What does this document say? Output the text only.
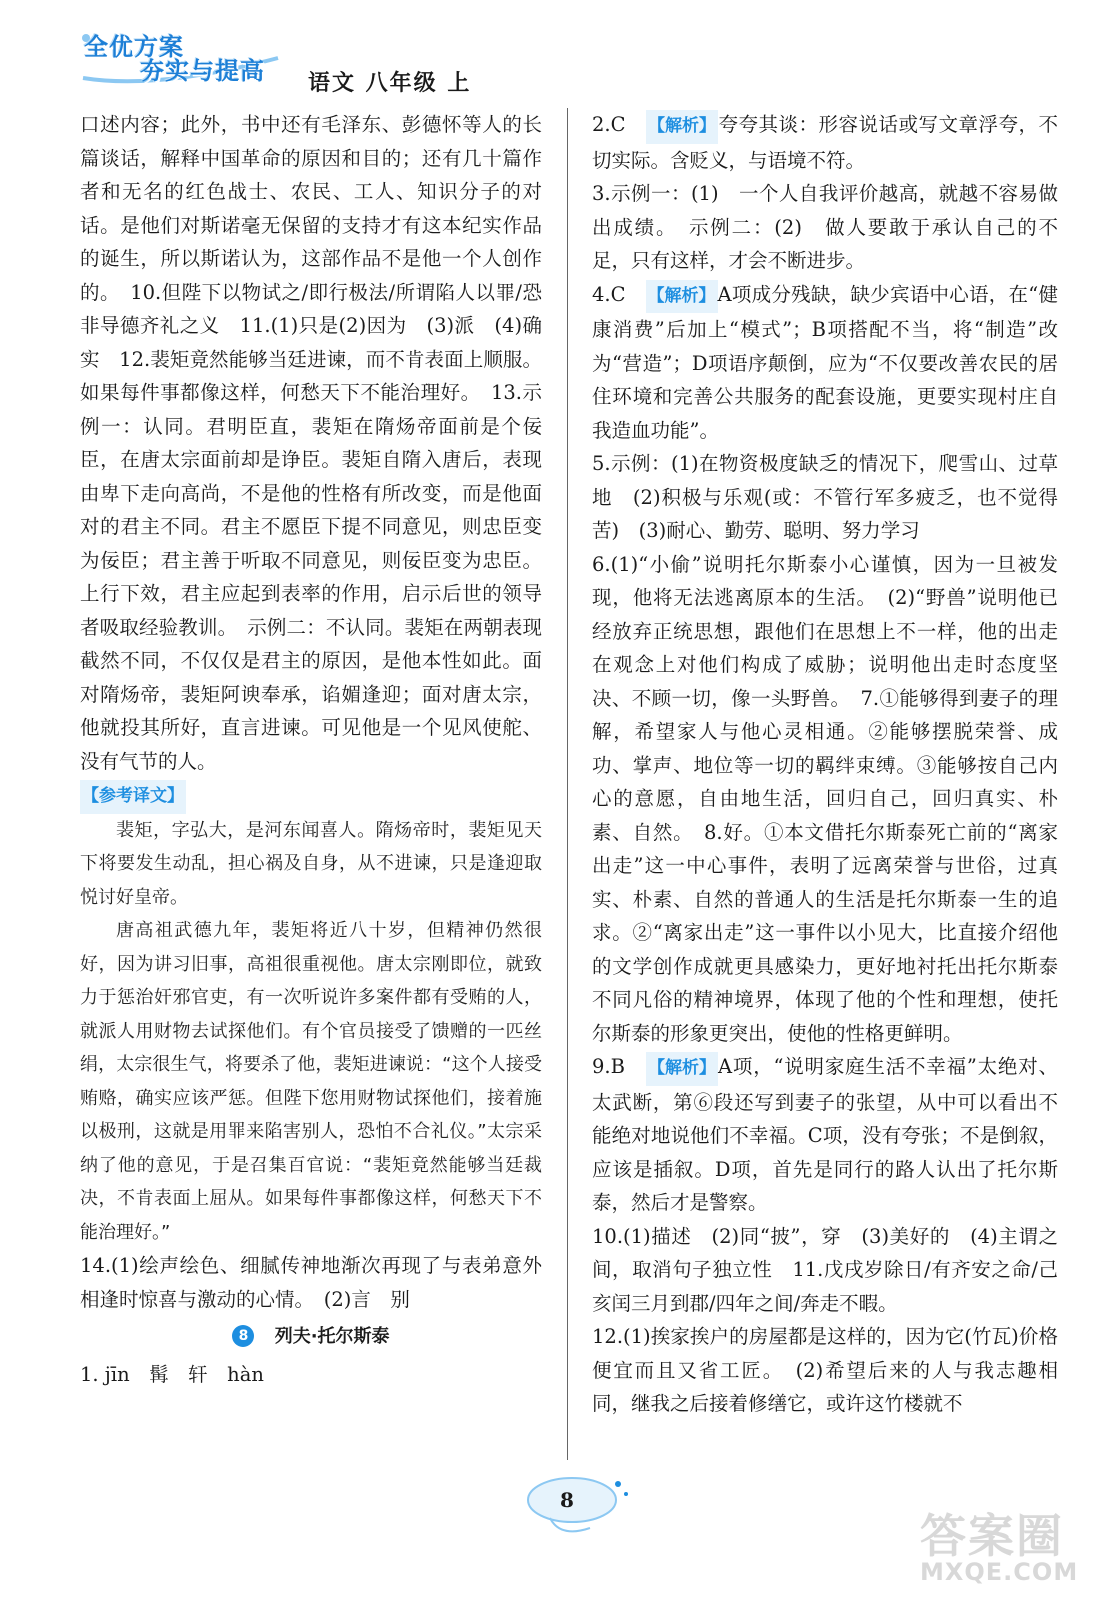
全优方案
夯实与提高 语文 八年级 上

口述内容；此外，书中还有毛泽东、彭德怀等人的长篇谈话，解释中国革命的原因和目的；还有几十篇作者和无名的红色战士、农民、工人、知识分子的对话。是他们对斯诺毫无保留的支持才有这本纪实作品的诞生，所以斯诺认为，这部作品不是他一个人创作的。　10.但陛下以物试之/即行极法/所谓陷人以罪/恐非导德齐礼之义　11.(1)只是(2)因为　(3)派　(4)确实　12.裴矩竟然能够当廷进谏，而不肯表面上顺服。如果每件事都像这样，何愁天下不能治理好。　13.示例一：认同。君明臣直，裴矩在隋炀帝面前是个佞臣，在唐太宗面前却是诤臣。裴矩自隋入唐后，表现由卑下走向高尚，不是他的性格有所改变，而是他面对的君主不同。君主不愿臣下提不同意见，则忠臣变为佞臣；君主善于听取不同意见，则佞臣变为忠臣。上行下效，君主应起到表率的作用，启示后世的领导者吸取经验教训。　示例二：不认同。裴矩在两朝表现截然不同，不仅仅是君主的原因，是他本性如此。面对隋炀帝，裴矩阿谀奉承，谄媚逢迎；面对唐太宗，他就投其所好，直言进谏。可见他是一个见风使舵、没有气节的人。

【参考译文】

裴矩，字弘大，是河东闻喜人。隋炀帝时，裴矩见天下将要发生动乱，担心祸及自身，从不进谏，只是逢迎取悦讨好皇帝。

唐高祖武德九年，裴矩将近八十岁，但精神仍然很好，因为讲习旧事，高祖很重视他。唐太宗刚即位，就致力于惩治奸邪官吏，有一次听说许多案件都有受贿的人，就派人用财物去试探他们。有个官员接受了馈赠的一匹丝绢，太宗很生气，将要杀了他，裴矩进谏说：“这个人接受贿赂，确实应该严惩。但陛下您用财物试探他们，接着施以极刑，这就是用罪来陷害别人，恐怕不合礼仪。”太宗采纳了他的意见，于是召集百官说：“裴矩竟然能够当廷裁决，不肯表面上屈从。如果每件事都像这样，何愁天下不能治理好。”

14.(1)绘声绘色、细腻传神地渐次再现了与表弟意外相逢时惊喜与激动的心情。　(2)言　别

8 列夫·托尔斯泰

1. jīn　髯　轩　hàn

2.C　【解析】 夸夸其谈：形容说话或写文章浮夸，不切实际。含贬义，与语境不符。

3.示例一：(1)　一个人自我评价越高，就越不容易做出成绩。　示例二：(2)　做人要敢于承认自己的不足，只有这样，才会不断进步。

4.C　【解析】 A项成分残缺，缺少宾语中心语，在“健康消费”后加上“模式”；B项搭配不当，将“制造”改为“营造”；D项语序颠倒，应为“不仅要改善农民的居住环境和完善公共服务的配套设施，更要实现村庄自我造血功能”。

5.示例：(1)在物资极度缺乏的情况下，爬雪山、过草地　(2)积极与乐观(或：不管行军多疲乏，也不觉得苦)　(3)耐心、勤劳、聪明、努力学习

6.(1)“小偷”说明托尔斯泰小心谨慎，因为一旦被发现，他将无法逃离原本的生活。　(2)“野兽”说明他已经放弃正统思想，跟他们在思想上不一样，他的出走在观念上对他们构成了威胁；说明他出走时态度坚决、不顾一切，像一头野兽。　7.①能够得到妻子的理解，希望家人与他心灵相通。②能够摆脱荣誉、成功、掌声、地位等一切的羁绊束缚。③能够按自己内心的意愿，自由地生活，回归自己，回归真实、朴素、自然。　8.好。①本文借托尔斯泰死亡前的“离家出走”这一中心事件，表明了远离荣誉与世俗，过真实、朴素、自然的普通人的生活是托尔斯泰一生的追求。②“离家出走”这一事件以小见大，比直接介绍他的文学创作成就更具感染力，更好地衬托出托尔斯泰不同凡俗的精神境界，体现了他的个性和理想，使托尔斯泰的形象更突出，使他的性格更鲜明。

9.B　【解析】 A项，“说明家庭生活不幸福”太绝对、太武断，第⑥段还写到妻子的张望，从中可以看出不能绝对地说他们不幸福。C项，没有夸张；不是倒叙，应该是插叙。D项，首先是同行的路人认出了托尔斯泰，然后才是警察。

10.(1)描述　(2)同“披”，穿　(3)美好的　(4)主谓之间，取消句子独立性　11.戊戌岁除日/有齐安之命/己亥闰三月到郡/四年之间/奔走不暇。

12.(1)挨家挨户的房屋都是这样的，因为它(竹瓦)价格便宜而且又省工匠。　(2)希望后来的人与我志趣相同，继我之后接着修缮它，或许这竹楼就不

8
答案圈
MXQE.COM
